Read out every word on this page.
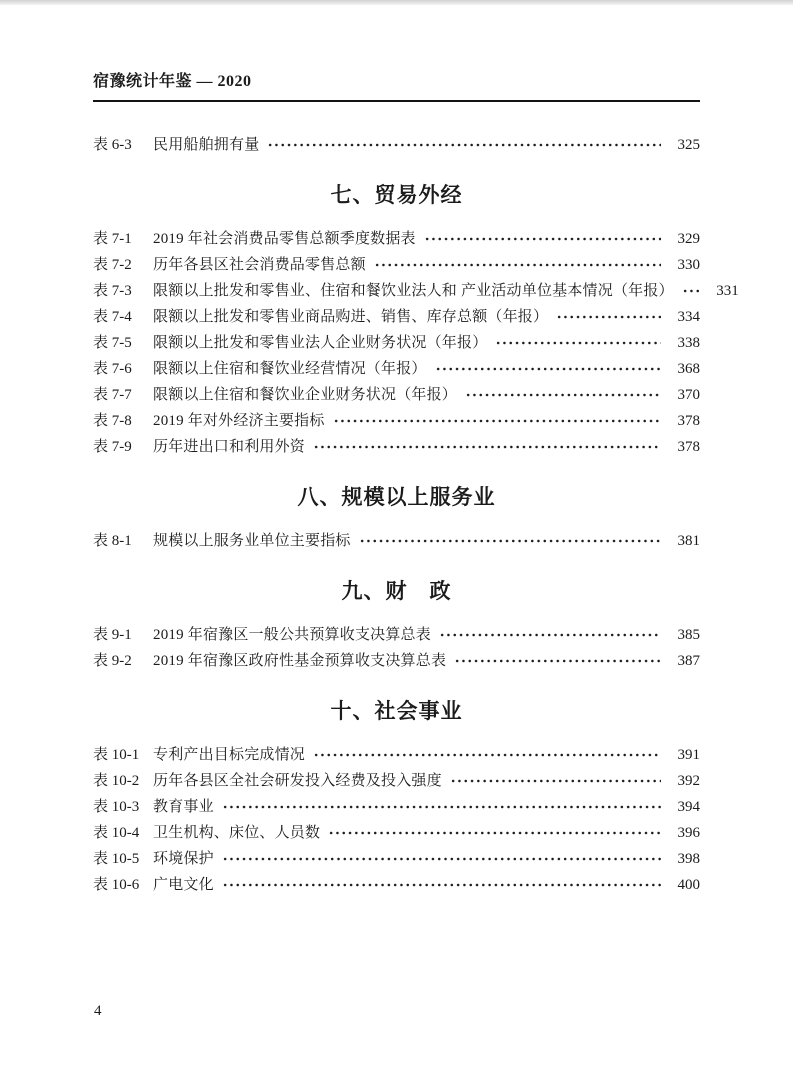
宿豫统计年鉴 — 2020
表 6-3	民用船舶拥有量	325
七、贸易外经
表 7-1	2019 年社会消费品零售总额季度数据表	329
表 7-2	历年各县区社会消费品零售总额	330
表 7-3	限额以上批发和零售业、住宿和餐饮业法人和 产业活动单位基本情况（年报）	331
表 7-4	限额以上批发和零售业商品购进、销售、库存总额（年报）	334
表 7-5	限额以上批发和零售业法人企业财务状况（年报）	338
表 7-6	限额以上住宿和餐饮业经营情况（年报）	368
表 7-7	限额以上住宿和餐饮业企业财务状况（年报）	370
表 7-8	2019 年对外经济主要指标	378
表 7-9	历年进出口和利用外资	378
八、规模以上服务业
表 8-1	规模以上服务业单位主要指标	381
九、财　政
表 9-1	2019 年宿豫区一般公共预算收支决算总表	385
表 9-2	2019 年宿豫区政府性基金预算收支决算总表	387
十、社会事业
表 10-1 专利产出目标完成情况	391
表 10-2 历年各县区全社会研发投入经费及投入强度	392
表 10-3 教育事业	394
表 10-4 卫生机构、床位、人员数	396
表 10-5 环境保护	398
表 10-6 广电文化	400
4
